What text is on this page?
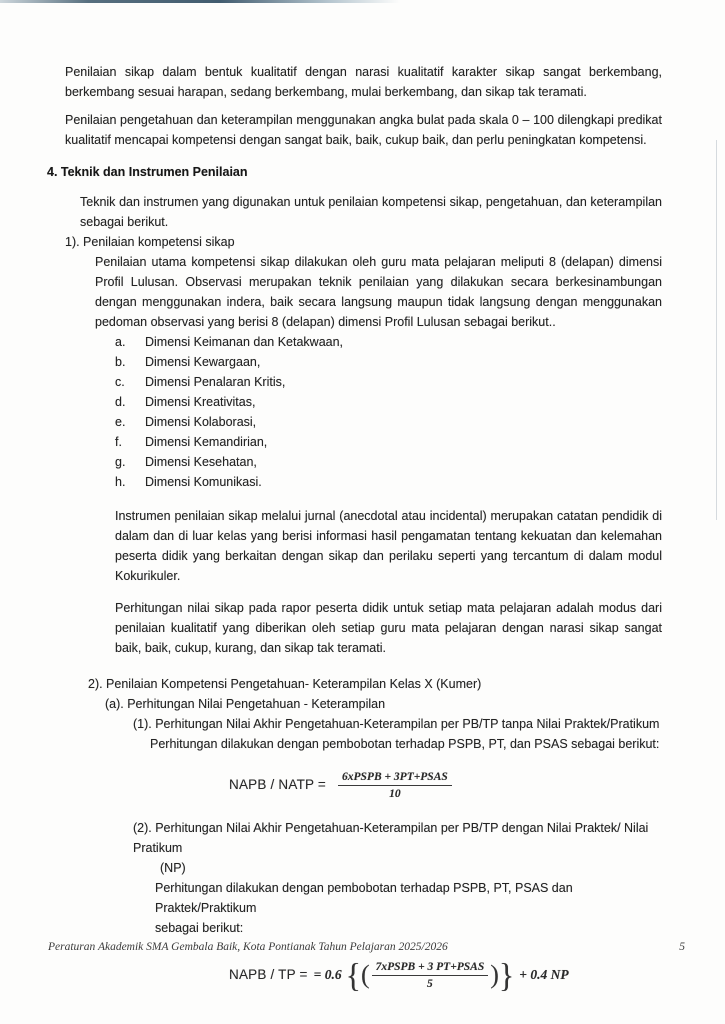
Penilaian sikap dalam bentuk kualitatif dengan narasi kualitatif karakter sikap sangat berkembang, berkembang sesuai harapan, sedang berkembang, mulai berkembang, dan sikap tak teramati.

Penilaian pengetahuan dan keterampilan menggunakan angka bulat pada skala 0 – 100 dilengkapi predikat kualitatif mencapai kompetensi dengan sangat baik, baik, cukup baik, dan perlu peningkatan kompetensi.

4. Teknik dan Instrumen Penilaian

Teknik dan instrumen yang digunakan untuk penilaian kompetensi sikap, pengetahuan, dan keterampilan sebagai berikut.

1). Penilaian kompetensi sikap

Penilaian utama kompetensi sikap dilakukan oleh guru mata pelajaran meliputi 8 (delapan) dimensi Profil Lulusan. Observasi merupakan teknik penilaian yang dilakukan secara berkesinambungan dengan menggunakan indera, baik secara langsung maupun tidak langsung dengan menggunakan pedoman observasi yang berisi 8 (delapan) dimensi Profil Lulusan sebagai berikut..

a.	Dimensi Keimanan dan Ketakwaan,
b.	Dimensi Kewargaan,
c.	Dimensi Penalaran Kritis,
d.	Dimensi Kreativitas,
e.	Dimensi Kolaborasi,
f.	Dimensi Kemandirian,
g.	Dimensi Kesehatan,
h.	Dimensi Komunikasi.

Instrumen penilaian sikap melalui jurnal (anecdotal atau incidental) merupakan catatan pendidik di dalam dan di luar kelas yang berisi informasi hasil pengamatan tentang kekuatan dan kelemahan peserta didik yang berkaitan dengan sikap dan perilaku seperti yang tercantum di dalam modul Kokurikuler.

Perhitungan nilai sikap pada rapor peserta didik untuk setiap mata pelajaran adalah modus dari penilaian kualitatif yang diberikan oleh setiap guru mata pelajaran dengan narasi sikap sangat baik, baik, cukup, kurang, dan sikap tak teramati.

2). Penilaian Kompetensi Pengetahuan- Keterampilan Kelas X (Kumer)

(a). Perhitungan Nilai Pengetahuan - Keterampilan

(1). Perhitungan Nilai Akhir Pengetahuan-Keterampilan per PB/TP tanpa Nilai Praktek/Pratikum

Perhitungan dilakukan dengan pembobotan terhadap PSPB, PT, dan PSAS sebagai berikut:

NAPB / NATP = $\frac{\text{6xPSPB + 3PT+PSAS}}{10}$

(2). Perhitungan Nilai Akhir Pengetahuan-Keterampilan per PB/TP dengan Nilai Praktek/ Nilai Pratikum

(NP)

Perhitungan dilakukan dengan pembobotan terhadap PSPB, PT, PSAS dan Praktek/Praktikum

sebagai berikut:

NAPB / TP = = 0.6 { ( $\frac{\text{7xPSPB + 3 PT+PSAS}}{5}$ ) } + 0.4 NP
Peraturan Akademik SMA Gembala Baik, Kota Pontianak Tahun Pelajaran 2025/2026	5
